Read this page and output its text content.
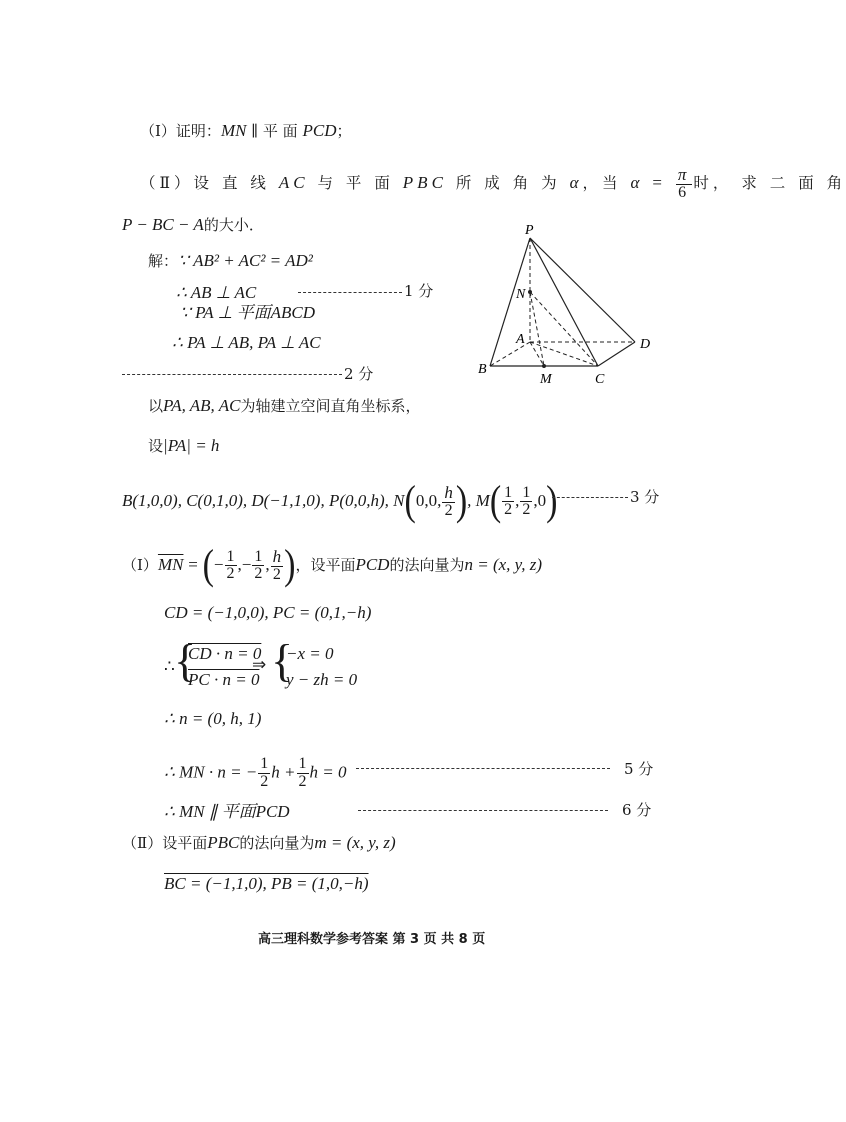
（Ⅰ）证明：MN ∥ 平 面 PCD；
（Ⅱ）设 直 线 AC 与 平 面 PBC 所 成 角 为 α，当 $\alpha = \frac{\pi}{6}$ 时， 求 二 面 角
P − BC − A的大小．
解：∵ AB² + AC² = AD²
∴ AB ⊥ AC	1 分
∵ PA ⊥ 平面ABCD
∴ PA ⊥ AB, PA ⊥ AC
2 分
以PA, AB, AC为轴建立空间直角坐标系，
设|PA| = h
B(1,0,0), C(0,1,0), D(−1,1,0), P(0,0,h), N(0,0, $\frac{h}{2}$ ), $M( \frac{1}{2}$ , $\frac{1}{2} ,0$)	3 分
$(Ⅰ)\overline{MN}$ = (− $\frac{1}{2}$ ,− $\frac{1}{2}$ , $\frac{h}{2}$ )，设平面PCD的法向量为n = (x, y, z)
CD = (−1,0,0), PC = (0,1,−h)
∴ {
CD · n = 0
PC · n = 0
⇒ {
−x = 0
y − zh = 0
∴ n = (0, h, 1)
∴ MN · n = − $\frac{1}{2}$ $h + \frac{1}{2}$ h = 0	5 分
∴ MN ∥ 平面PCD	6 分
（Ⅱ）设平面PBC的法向量为m = (x, y, z)
BC = (−1,1,0), PB = (1,0,−h)
高三理科数学参考答案 第 3 页 共 8 页
P
N
A	D
B
M	C
